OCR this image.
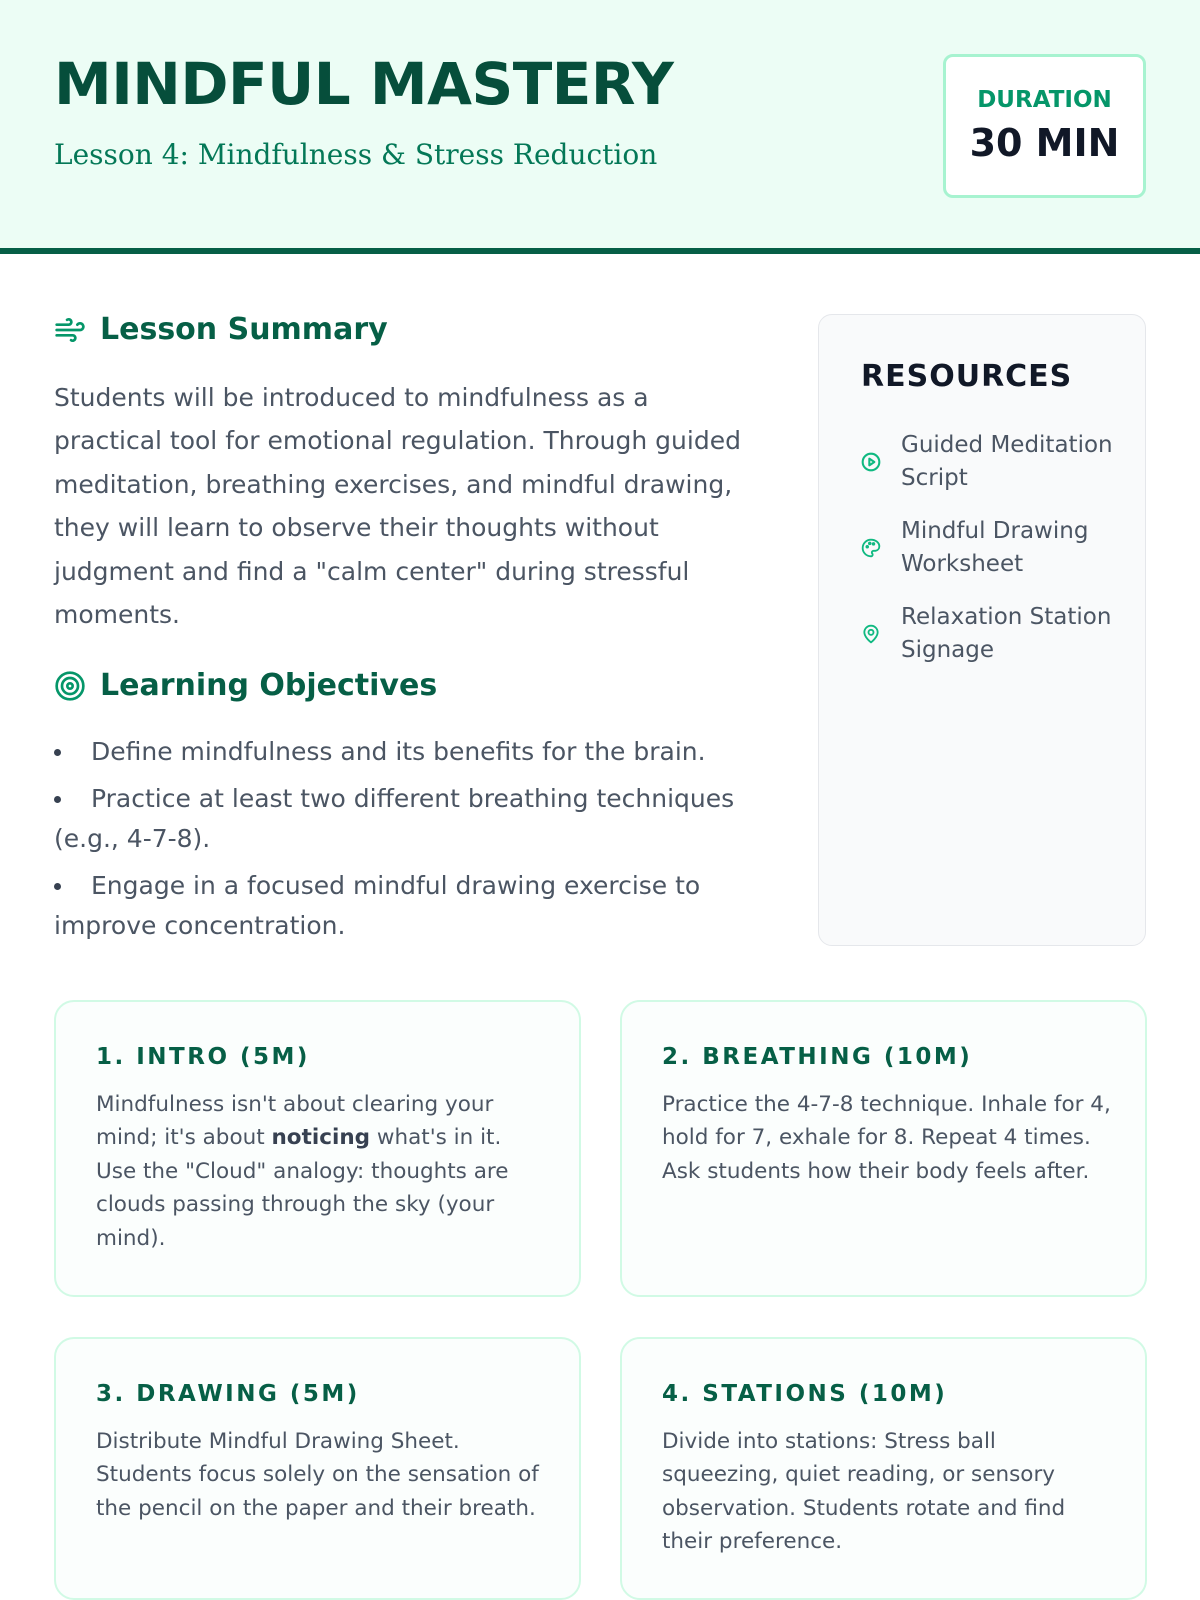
MINDFUL MASTERY
Lesson 4: Mindfulness & Stress Reduction
DURATION
30 MIN
Lesson Summary

Students will be introduced to mindfulness as a practical tool for emotional regulation. Through guided meditation, breathing exercises, and mindful drawing, they will learn to observe their thoughts without judgment and find a "calm center" during stressful moments.

Learning Objectives
Define mindfulness and its benefits for the brain.
Practice at least two different breathing techniques (e.g., 4-7-8).
Engage in a focused mindful drawing exercise to improve concentration.
RESOURCES
Guided Meditation Script
Mindful Drawing Worksheet
Relaxation Station Signage
1. INTRO (5M)

Mindfulness isn't about clearing your mind; it's about noticing what's in it. Use the "Cloud" analogy: thoughts are clouds passing through the sky (your mind).

2. BREATHING (10M)

Practice the 4-7-8 technique. Inhale for 4, hold for 7, exhale for 8. Repeat 4 times. Ask students how their body feels after.

3. DRAWING (5M)

Distribute Mindful Drawing Sheet. Students focus solely on the sensation of the pencil on the paper and their breath.

4. STATIONS (10M)

Divide into stations: Stress ball squeezing, quiet reading, or sensory observation. Students rotate and find their preference.
